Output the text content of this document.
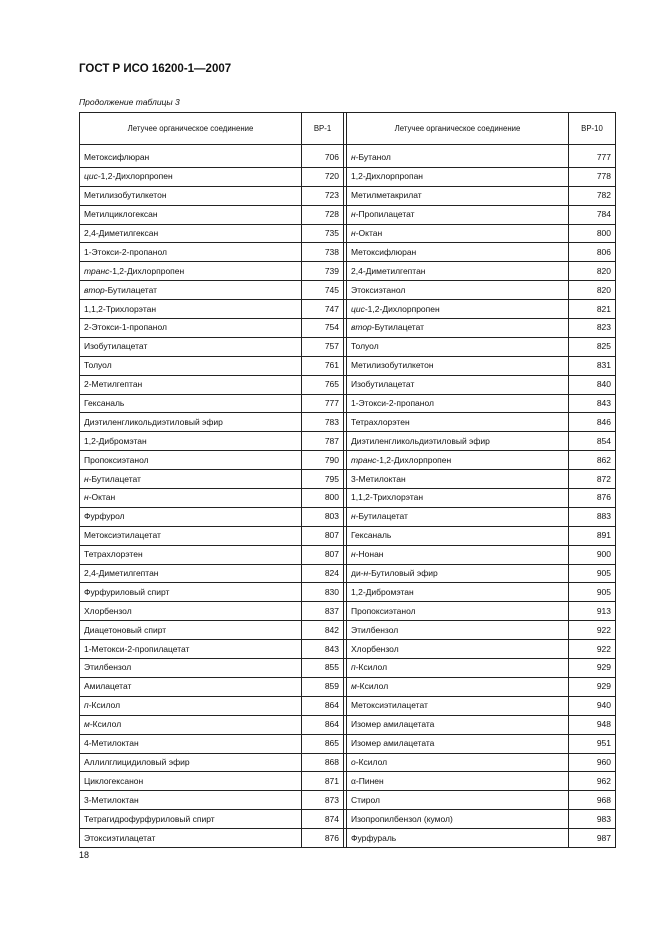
ГОСТ Р ИСО 16200-1—2007
Продолжение таблицы 3
Летучее органическое соединение	ВР-1		Летучее органическое соединение	ВР-10
Метоксифлюран	706		н-Бутанол	777
цис-1,2-Дихлорпропен	720		1,2-Дихлорпропан	778
Метилизобутилкетон	723		Метилметакрилат	782
Метилциклогексан	728		н-Пропилацетат	784
2,4-Диметилгексан	735		н-Октан	800
1-Этокси-2-пропанол	738		Метоксифлюран	806
транс-1,2-Дихлорпропен	739		2,4-Диметилгептан	820
втор-Бутилацетат	745		Этоксиэтанол	820
1,1,2-Трихлорэтан	747		цис-1,2-Дихлорпропен	821
2-Этокси-1-пропанол	754		втор-Бутилацетат	823
Изобутилацетат	757		Толуол	825
Толуол	761		Метилизобутилкетон	831
2-Метилгептан	765		Изобутилацетат	840
Гексаналь	777		1-Этокси-2-пропанол	843
Диэтиленгликольдиэтиловый эфир	783		Тетрахлорэтен	846
1,2-Дибромэтан	787		Диэтиленгликольдиэтиловый эфир	854
Пропоксиэтанол	790		транс-1,2-Дихлорпропен	862
н-Бутилацетат	795		3-Метилоктан	872
н-Октан	800		1,1,2-Трихлорэтан	876
Фурфурол	803		н-Бутилацетат	883
Метоксиэтилацетат	807		Гексаналь	891
Тетрахлорэтен	807		н-Нонан	900
2,4-Диметилгептан	824		ди-н-Бутиловый эфир	905
Фурфуриловый спирт	830		1,2-Дибромэтан	905
Хлорбензол	837		Пропоксиэтанол	913
Диацетоновый спирт	842		Этилбензол	922
1-Метокси-2-пропилацетат	843		Хлорбензол	922
Этилбензол	855		п-Ксилол	929
Амилацетат	859		м-Ксилол	929
п-Ксилол	864		Метоксиэтилацетат	940
м-Ксилол	864		Изомер амилацетата	948
4-Метилоктан	865		Изомер амилацетата	951
Аллилглицидиловый эфир	868		о-Ксилол	960
Циклогексанон	871		α-Пинен	962
3-Метилоктан	873		Стирол	968
Тетрагидрофурфуриловый спирт	874		Изопропилбензол (кумол)	983
Этоксиэтилацетат	876		Фурфураль	987
18
